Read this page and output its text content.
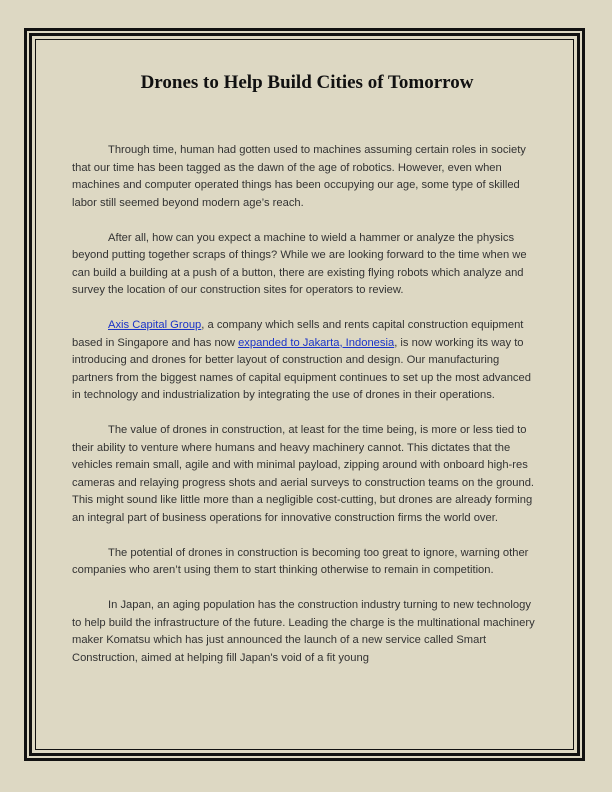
Drones to Help Build Cities of Tomorrow

Through time, human had gotten used to machines assuming certain roles in society that our time has been tagged as the dawn of the age of robotics. However, even when machines and computer operated things has been occupying our age, some type of skilled labor still seemed beyond modern age’s reach.

After all, how can you expect a machine to wield a hammer or analyze the physics beyond putting together scraps of things? While we are looking forward to the time when we can build a building at a push of a button, there are existing flying robots which analyze and survey the location of our construction sites for operators to review.

Axis Capital Group, a company which sells and rents capital construction equipment based in Singapore and has now expanded to Jakarta, Indonesia, is now working its way to introducing and drones for better layout of construction and design. Our manufacturing partners from the biggest names of capital equipment continues to set up the most advanced in technology and industrialization by integrating the use of drones in their operations.

The value of drones in construction, at least for the time being, is more or less tied to their ability to venture where humans and heavy machinery cannot. This dictates that the vehicles remain small, agile and with minimal payload, zipping around with onboard high-res cameras and relaying progress shots and aerial surveys to construction teams on the ground. This might sound like little more than a negligible cost-cutting, but drones are already forming an integral part of business operations for innovative construction firms the world over.

The potential of drones in construction is becoming too great to ignore, warning other companies who aren’t using them to start thinking otherwise to remain in competition.

In Japan, an aging population has the construction industry turning to new technology to help build the infrastructure of the future. Leading the charge is the multinational machinery maker Komatsu which has just announced the launch of a new service called Smart Construction, aimed at helping fill Japan's void of a fit young
